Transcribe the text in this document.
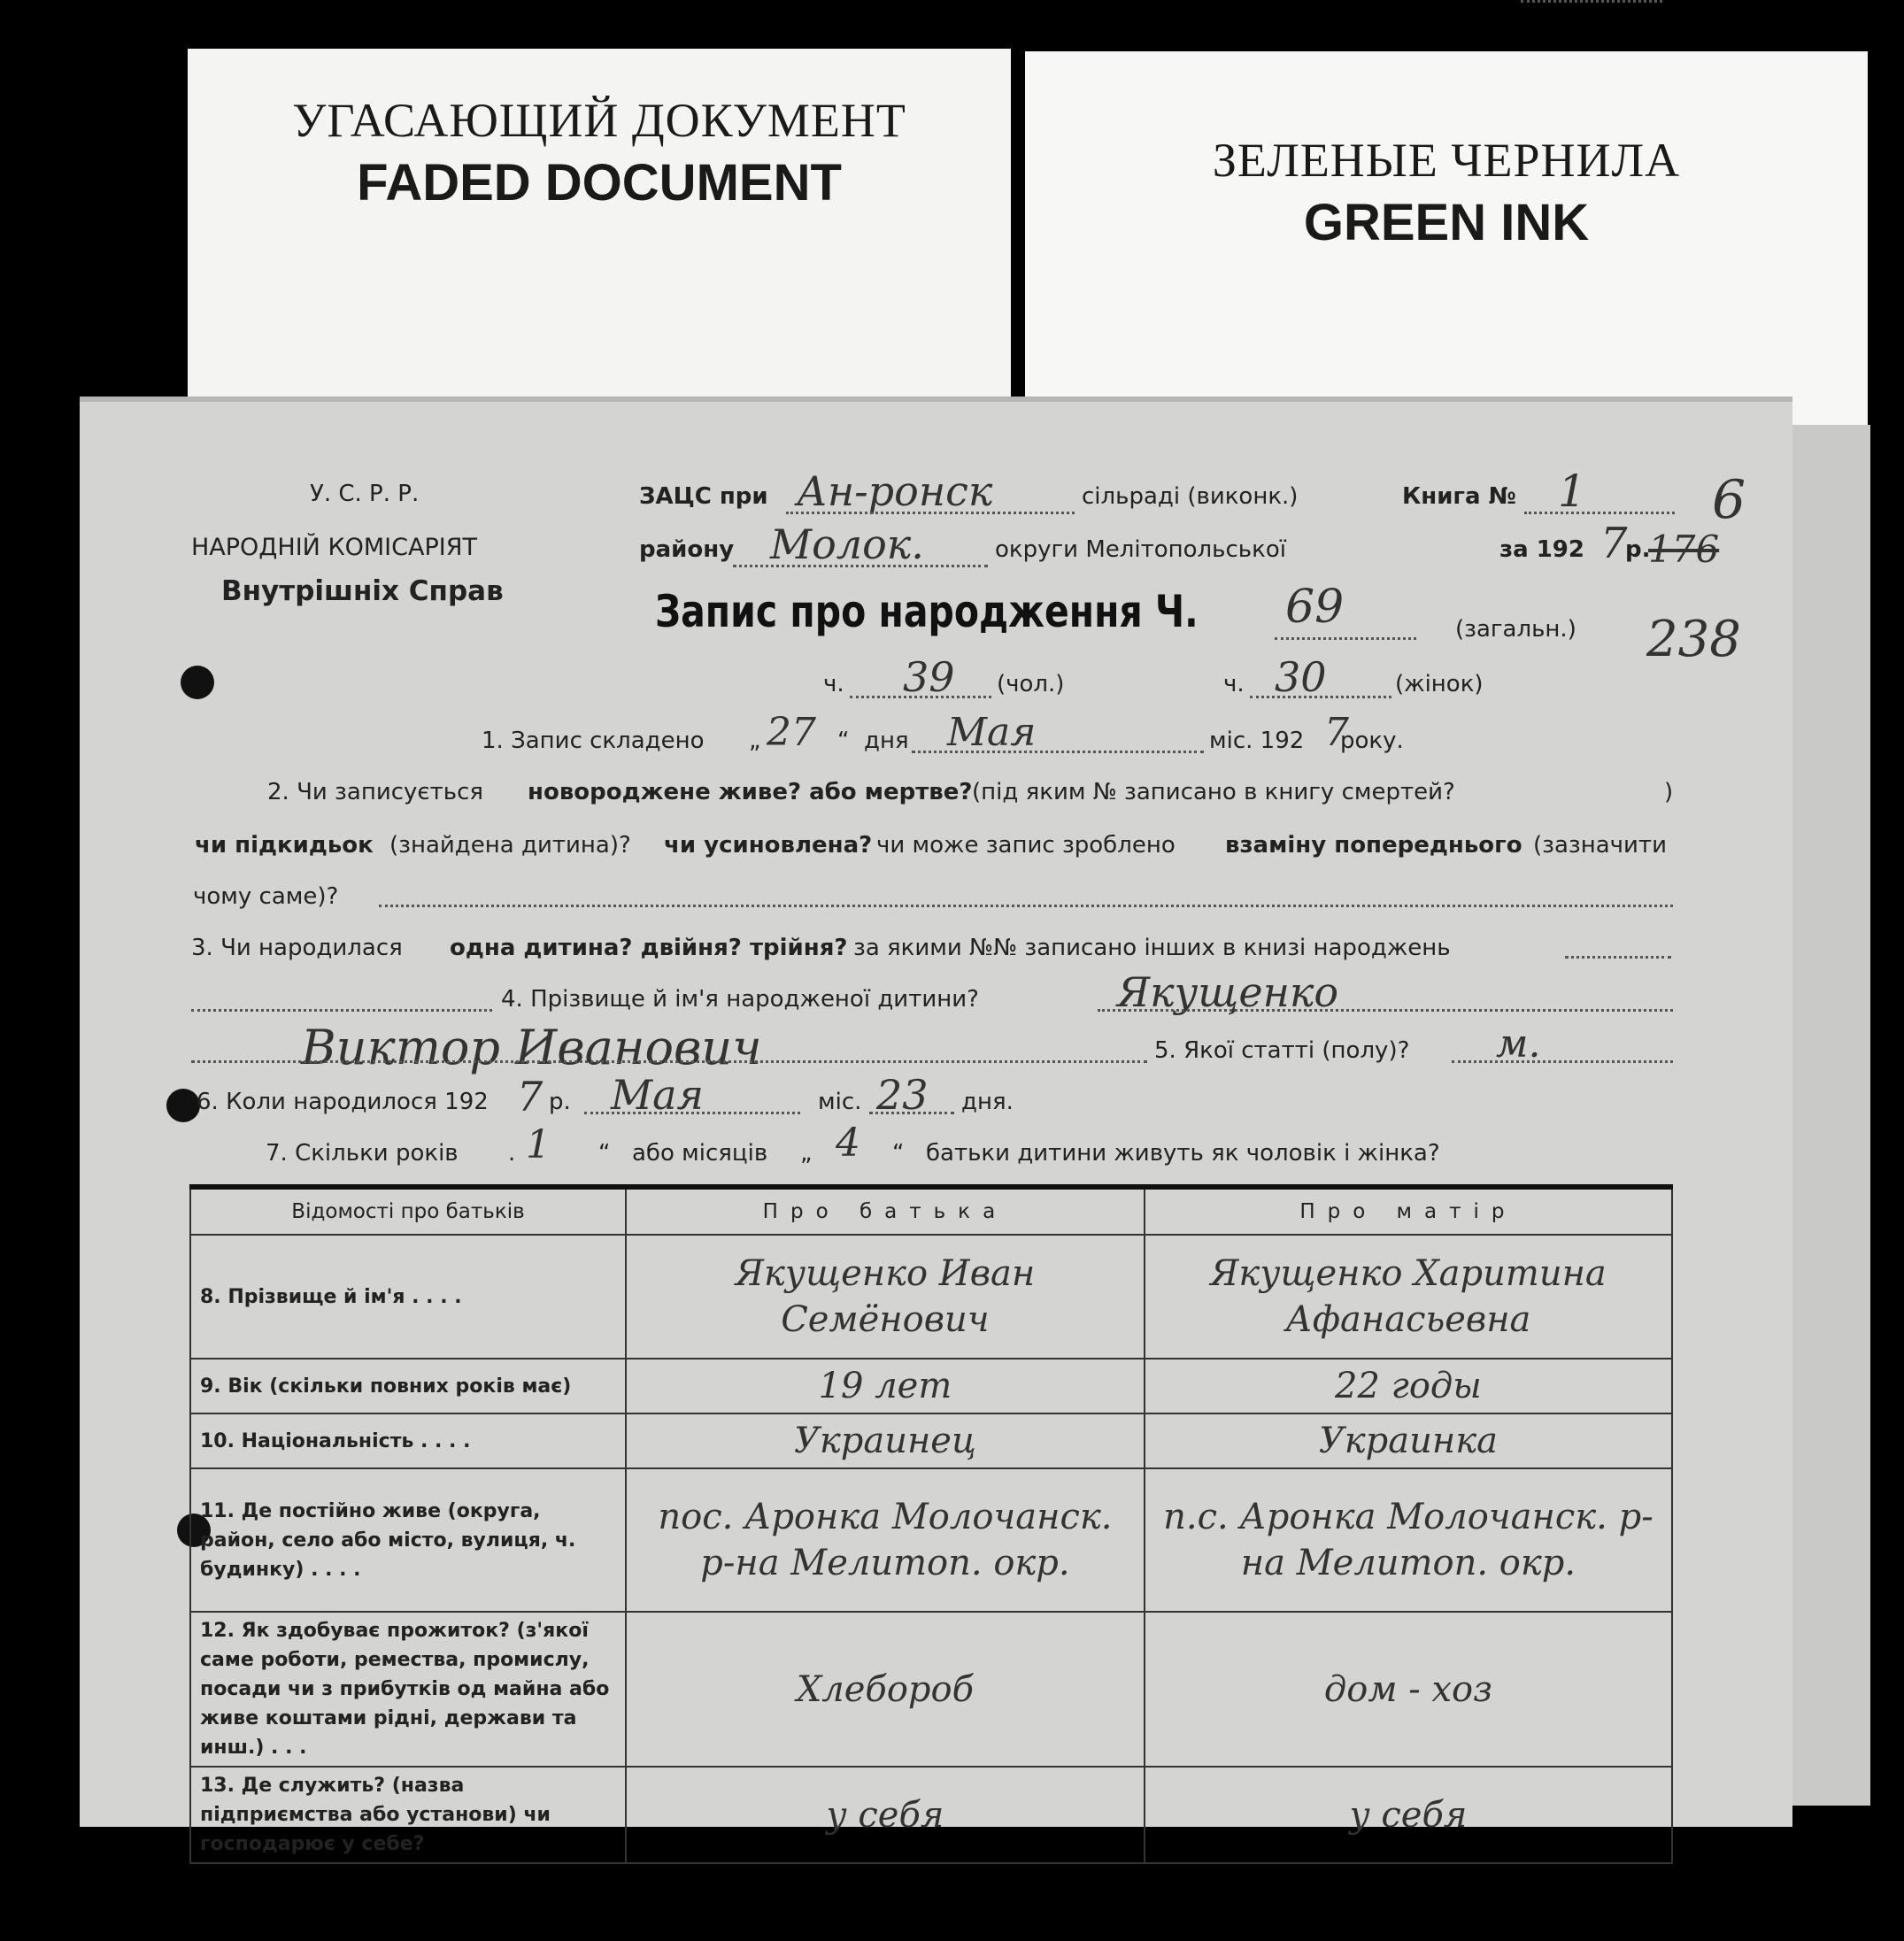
УГАСАЮЩИЙ ДОКУМЕНТ
FADED DOCUMENT	ЗЕЛЕНЫЕ ЧЕРНИЛА
GREEN INK
У. С. Р. Р.
НАРОДНІЙ КОМІСАРІЯТ
Внутрішніх Справ
ЗАЦС при Ан-ронск	сільраді (виконк.)
району Молок.	округи Мелітопольської
Книга № 1
за 192 7
р.
176
238
6
Запис про народження Ч. 69	(загальн.)
ч. 39 (чол.)	ч. 30	(жінок)
1. Запис складено „ 27 “ дня Мая	міс. 192 7
року.
2. Чи записується новороджене живе? або мертве? (під яким № записано в книгу смертей?	)
чи підкидьок (знайдена дитина)? чи усиновлена? чи може запис зроблено взаміну попереднього (зазначити
чому саме)?
3. Чи народилася одна дитина? двійня? трійня? за якими №№ записано інших в книзі народжень
4. Прізвище й ім'я народженої дитини?	Якущенко
Виктор Иванович	5. Якої статті (полу)? м.
6. Коли народилося 192 7 р. Мая	міс. 23 дня.
7. Скільки років . 1 “ або місяців „ 4 “ батьки дитини живуть як чоловік і жінка?
Відомості про батьків	Про батька	Про матір
8. Прізвище й ім'я . . . .	Якущенко Иван Семёнович	Якущенко Харитина Афанасьевна
9. Вік (скільки повних років має)	19 лет	22 годы
10. Національність . . . .	Украинец	Украинка
11. Де постійно живе (округа, район, село або місто, вулиця, ч. будинку) . . . .	пос. Аронка Молочанск. р-на Мелитоп. окр.	п.с. Аронка Молочанск. р-на Мелитоп. окр.
12. Як здобуває прожиток? (з'якої саме роботи, ремества, промислу, посади чи з прибутків од майна або живе коштами рідні, держави та инш.) . . .	Хлебороб	дом - хоз
13. Де служить? (назва підприємства або установи) чи господарює у себе?	у себя	у себя
